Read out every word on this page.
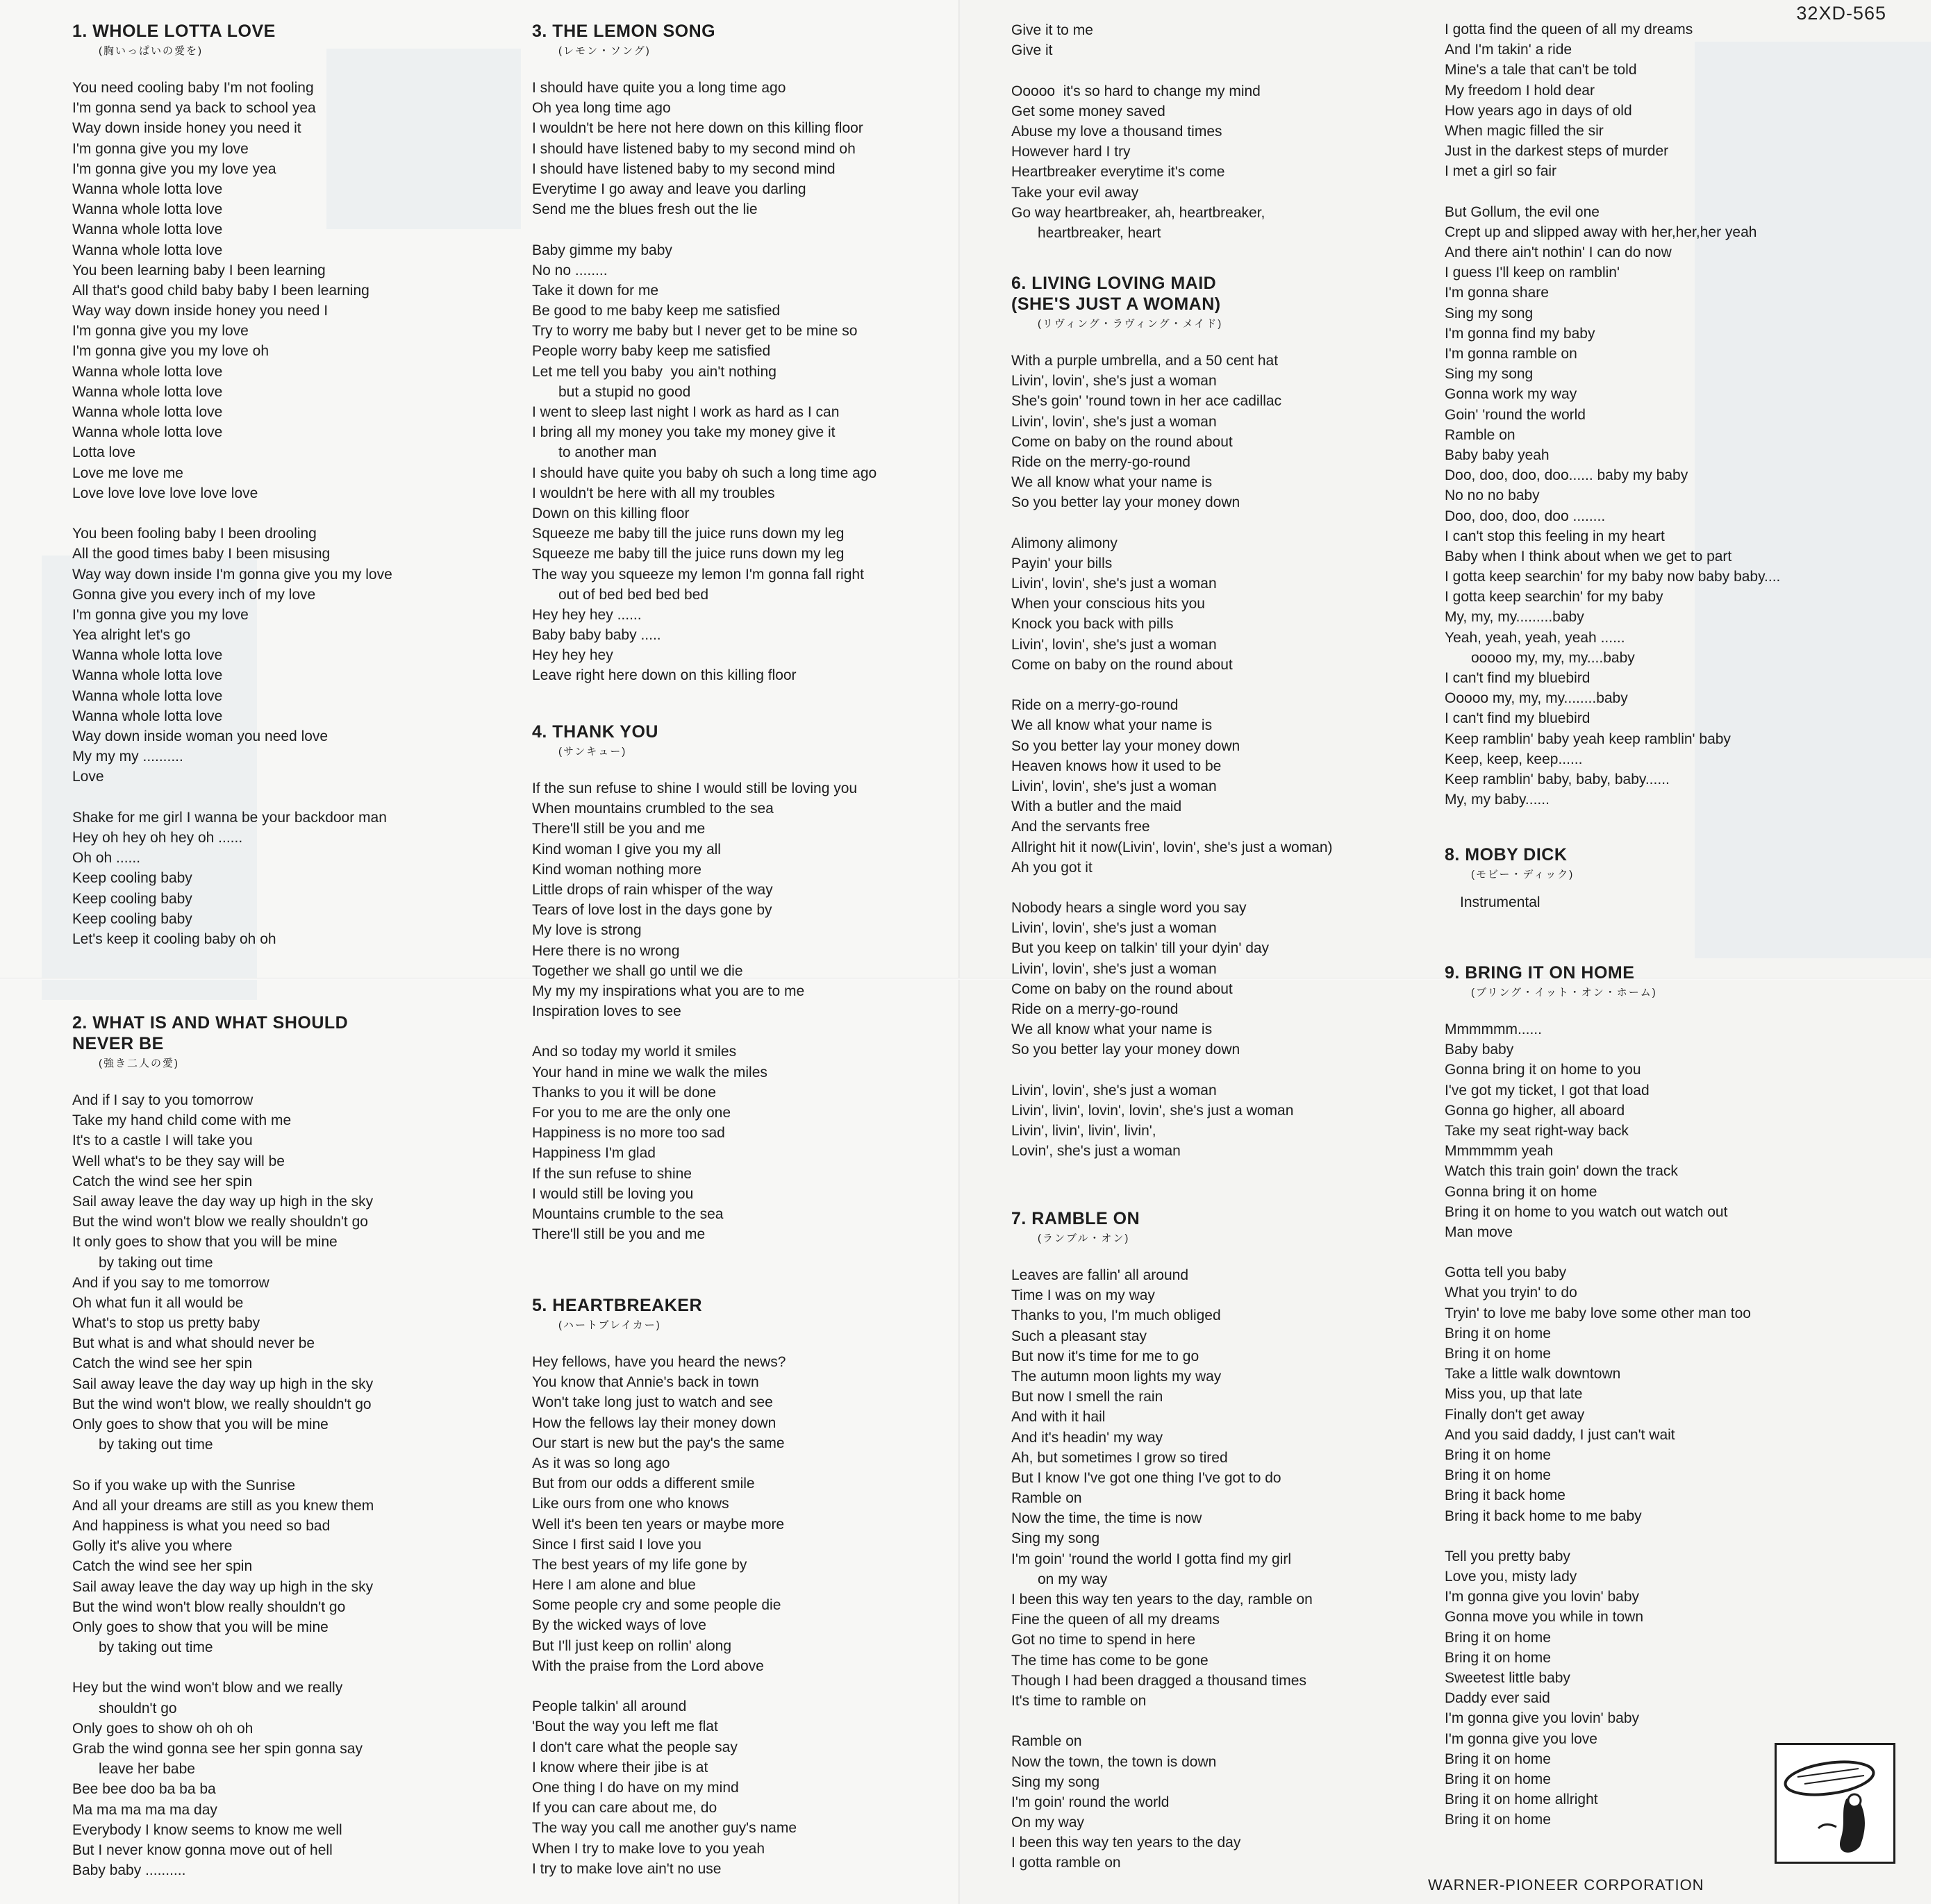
32XD-565
1. WHOLE LOTTA LOVE
(胸いっぱいの愛を)
You need cooling baby I'm not fooling
I'm gonna send ya back to school yea
Way down inside honey you need it
I'm gonna give you my love
I'm gonna give you my love yea
Wanna whole lotta love
Wanna whole lotta love
Wanna whole lotta love
Wanna whole lotta love
You been learning baby I been learning
All that's good child baby baby I been learning
Way way down inside honey you need I
I'm gonna give you my love
I'm gonna give you my love oh
Wanna whole lotta love
Wanna whole lotta love
Wanna whole lotta love
Wanna whole lotta love
Lotta love
Love me love me
Love love love love love love
You been fooling baby I been drooling
All the good times baby I been misusing
Way way down inside I'm gonna give you my love
Gonna give you every inch of my love
I'm gonna give you my love
Yea alright let's go
Wanna whole lotta love
Wanna whole lotta love
Wanna whole lotta love
Wanna whole lotta love
Way down inside woman you need love
My my my ..........
Love
Shake for me girl I wanna be your backdoor man
Hey oh hey oh hey oh ......
Oh oh ......
Keep cooling baby
Keep cooling baby
Keep cooling baby
Let's keep it cooling baby oh oh
2. WHAT IS AND WHAT SHOULD
NEVER BE
(強き二人の愛)
And if I say to you tomorrow
Take my hand child come with me
It's to a castle I will take you
Well what's to be they say will be
Catch the wind see her spin
Sail away leave the day way up high in the sky
But the wind won't blow we really shouldn't go
It only goes to show that you will be mine
by taking out time
And if you say to me tomorrow
Oh what fun it all would be
What's to stop us pretty baby
But what is and what should never be
Catch the wind see her spin
Sail away leave the day way up high in the sky
But the wind won't blow, we really shouldn't go
Only goes to show that you will be mine
by taking out time
So if you wake up with the Sunrise
And all your dreams are still as you knew them
And happiness is what you need so bad
Golly it's alive you where
Catch the wind see her spin
Sail away leave the day way up high in the sky
But the wind won't blow really shouldn't go
Only goes to show that you will be mine
by taking out time
Hey but the wind won't blow and we really
shouldn't go
Only goes to show oh oh oh
Grab the wind gonna see her spin gonna say
leave her babe
Bee bee doo ba ba ba
Ma ma ma ma ma day
Everybody I know seems to know me well
But I never know gonna move out of hell
Baby baby ..........
3. THE LEMON SONG
(レモン・ソング)
I should have quite you a long time ago
Oh yea long time ago
I wouldn't be here not here down on this killing floor
I should have listened baby to my second mind oh
I should have listened baby to my second mind
Everytime I go away and leave you darling
Send me the blues fresh out the lie
Baby gimme my baby
No no ........
Take it down for me
Be good to me baby keep me satisfied
Try to worry me baby but I never get to be mine so
People worry baby keep me satisfied
Let me tell you baby  you ain't nothing
but a stupid no good
I went to sleep last night I work as hard as I can
I bring all my money you take my money give it
to another man
I should have quite you baby oh such a long time ago
I wouldn't be here with all my troubles
Down on this killing floor
Squeeze me baby till the juice runs down my leg
Squeeze me baby till the juice runs down my leg
The way you squeeze my lemon I'm gonna fall right
out of bed bed bed bed
Hey hey hey ......
Baby baby baby .....
Hey hey hey
Leave right here down on this killing floor
4. THANK YOU
(サンキュー)
If the sun refuse to shine I would still be loving you
When mountains crumbled to the sea
There'll still be you and me
Kind woman I give you my all
Kind woman nothing more
Little drops of rain whisper of the way
Tears of love lost in the days gone by
My love is strong
Here there is no wrong
Together we shall go until we die
My my my inspirations what you are to me
Inspiration loves to see
And so today my world it smiles
Your hand in mine we walk the miles
Thanks to you it will be done
For you to me are the only one
Happiness is no more too sad
Happiness I'm glad
If the sun refuse to shine
I would still be loving you
Mountains crumble to the sea
There'll still be you and me
5. HEARTBREAKER
(ハートブレイカー)
Hey fellows, have you heard the news?
You know that Annie's back in town
Won't take long just to watch and see
How the fellows lay their money down
Our start is new but the pay's the same
As it was so long ago
But from our odds a different smile
Like ours from one who knows
Well it's been ten years or maybe more
Since I first said I love you
The best years of my life gone by
Here I am alone and blue
Some people cry and some people die
By the wicked ways of love
But I'll just keep on rollin' along
With the praise from the Lord above
People talkin' all around
'Bout the way you left me flat
I don't care what the people say
I know where their jibe is at
One thing I do have on my mind
If you can care about me, do
The way you call me another guy's name
When I try to make love to you yeah
I try to make love ain't no use
Give it to me
Give it
Ooooo  it's so hard to change my mind
Get some money saved
Abuse my love a thousand times
However hard I try
Heartbreaker everytime it's come
Take your evil away
Go way heartbreaker, ah, heartbreaker,
heartbreaker, heart
6. LIVING LOVING MAID
(SHE'S JUST A WOMAN)
(リヴィング・ラヴィング・メイド)
With a purple umbrella, and a 50 cent hat
Livin', lovin', she's just a woman
She's goin' 'round town in her ace cadillac
Livin', lovin', she's just a woman
Come on baby on the round about
Ride on the merry-go-round
We all know what your name is
So you better lay your money down
Alimony alimony
Payin' your bills
Livin', lovin', she's just a woman
When your conscious hits you
Knock you back with pills
Livin', lovin', she's just a woman
Come on baby on the round about
Ride on a merry-go-round
We all know what your name is
So you better lay your money down
Heaven knows how it used to be
Livin', lovin', she's just a woman
With a butler and the maid
And the servants free
Allright hit it now(Livin', lovin', she's just a woman)
Ah you got it
Nobody hears a single word you say
Livin', lovin', she's just a woman
But you keep on talkin' till your dyin' day
Livin', lovin', she's just a woman
Come on baby on the round about
Ride on a merry-go-round
We all know what your name is
So you better lay your money down
Livin', lovin', she's just a woman
Livin', livin', lovin', lovin', she's just a woman
Livin', livin', livin', livin',
Lovin', she's just a woman
7. RAMBLE ON
(ランブル・オン)
Leaves are fallin' all around
Time I was on my way
Thanks to you, I'm much obliged
Such a pleasant stay
But now it's time for me to go
The autumn moon lights my way
But now I smell the rain
And with it hail
And it's headin' my way
Ah, but sometimes I grow so tired
But I know I've got one thing I've got to do
Ramble on
Now the time, the time is now
Sing my song
I'm goin' 'round the world I gotta find my girl
on my way
I been this way ten years to the day, ramble on
Fine the queen of all my dreams
Got no time to spend in here
The time has come to be gone
Though I had been dragged a thousand times
It's time to ramble on
Ramble on
Now the town, the town is down
Sing my song
I'm goin' round the world
On my way
I been this way ten years to the day
I gotta ramble on
I gotta find the queen of all my dreams
And I'm takin' a ride
Mine's a tale that can't be told
My freedom I hold dear
How years ago in days of old
When magic filled the sir
Just in the darkest steps of murder
I met a girl so fair
But Gollum, the evil one
Crept up and slipped away with her,her,her yeah
And there ain't nothin' I can do now
I guess I'll keep on ramblin'
I'm gonna share
Sing my song
I'm gonna find my baby
I'm gonna ramble on
Sing my song
Gonna work my way
Goin' 'round the world
Ramble on
Baby baby yeah
Doo, doo, doo, doo...... baby my baby
No no no baby
Doo, doo, doo, doo ........
I can't stop this feeling in my heart
Baby when I think about when we get to part
I gotta keep searchin' for my baby now baby baby....
I gotta keep searchin' for my baby
My, my, my.........baby
Yeah, yeah, yeah, yeah ......
ooooo my, my, my....baby
I can't find my bluebird
Ooooo my, my, my........baby
I can't find my bluebird
Keep ramblin' baby yeah keep ramblin' baby
Keep, keep, keep......
Keep ramblin' baby, baby, baby......
My, my baby......
8. MOBY DICK
(モビー・ディック)
Instrumental
9. BRING IT ON HOME
(ブリング・イット・オン・ホーム)
Mmmmmm......
Baby baby
Gonna bring it on home to you
I've got my ticket, I got that load
Gonna go higher, all aboard
Take my seat right-way back
Mmmmmm yeah
Watch this train goin' down the track
Gonna bring it on home
Bring it on home to you watch out watch out
Man move
Gotta tell you baby
What you tryin' to do
Tryin' to love me baby love some other man too
Bring it on home
Bring it on home
Take a little walk downtown
Miss you, up that late
Finally don't get away
And you said daddy, I just can't wait
Bring it on home
Bring it on home
Bring it back home
Bring it back home to me baby
Tell you pretty baby
Love you, misty lady
I'm gonna give you lovin' baby
Gonna move you while in town
Bring it on home
Bring it on home
Sweetest little baby
Daddy ever said
I'm gonna give you lovin' baby
I'm gonna give you love
Bring it on home
Bring it on home
Bring it on home allright
Bring it on home
WARNER-PIONEER CORPORATION
